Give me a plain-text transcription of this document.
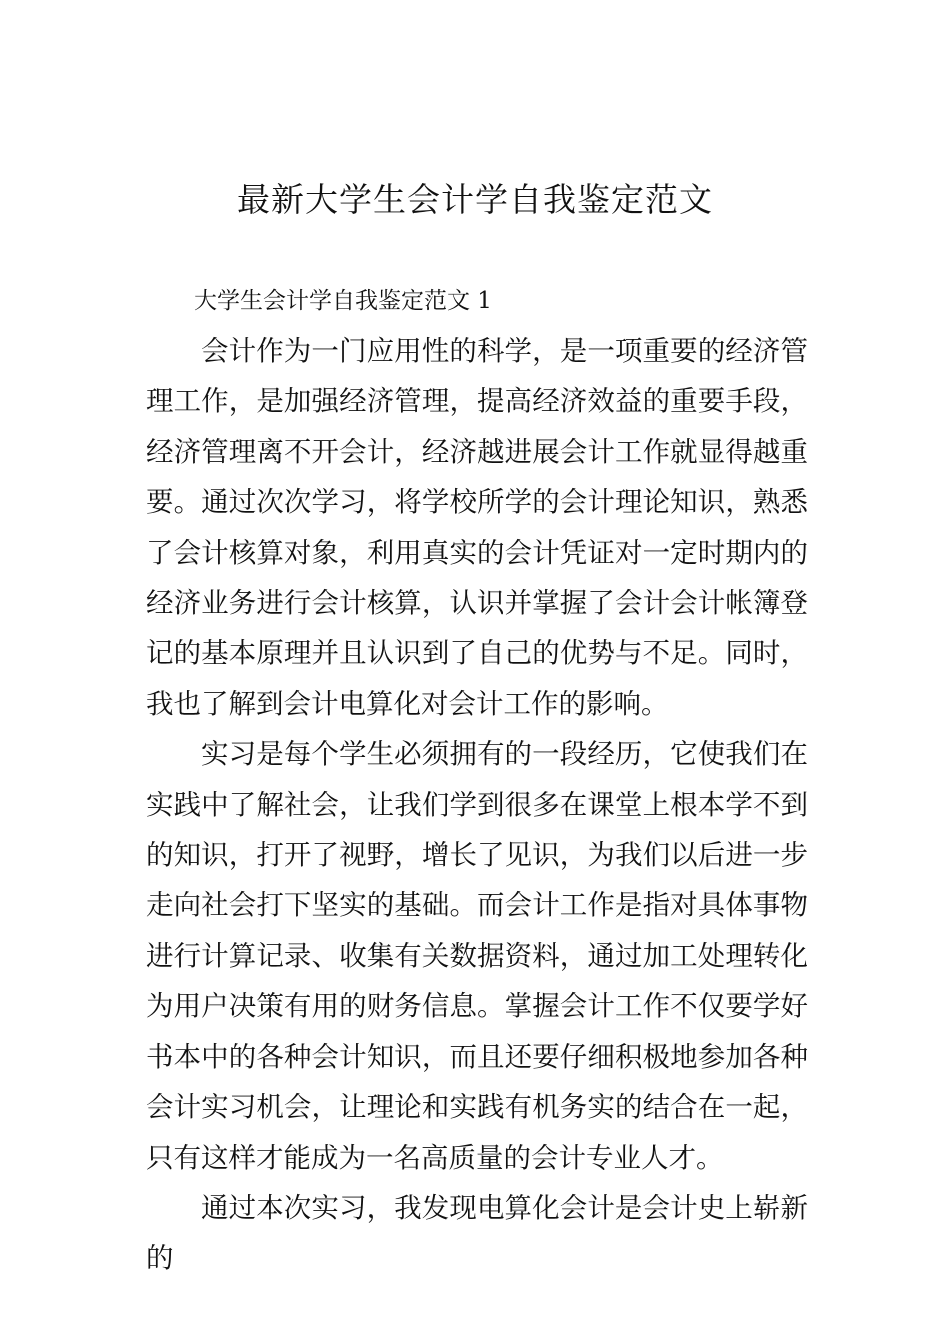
最新大学生会计学自我鉴定范文

大学生会计学自我鉴定范文 1

会计作为一门应用性的科学，是一项重要的经济管理工作，是加强经济管理，提高经济效益的重要手段，经济管理离不开会计，经济越进展会计工作就显得越重要。通过次次学习，将学校所学的会计理论知识，熟悉了会计核算对象，利用真实的会计凭证对一定时期内的经济业务进行会计核算，认识并掌握了会计会计帐簿登记的基本原理并且认识到了自己的优势与不足。同时，我也了解到会计电算化对会计工作的影响。

实习是每个学生必须拥有的一段经历，它使我们在实践中了解社会，让我们学到很多在课堂上根本学不到的知识，打开了视野，增长了见识，为我们以后进一步走向社会打下坚实的基础。而会计工作是指对具体事物进行计算记录、收集有关数据资料，通过加工处理转化为用户决策有用的财务信息。掌握会计工作不仅要学好书本中的各种会计知识，而且还要仔细积极地参加各种会计实习机会，让理论和实践有机务实的结合在一起，只有这样才能成为一名高质量的会计专业人才。

通过本次实习，我发现电算化会计是会计史上崭新的
